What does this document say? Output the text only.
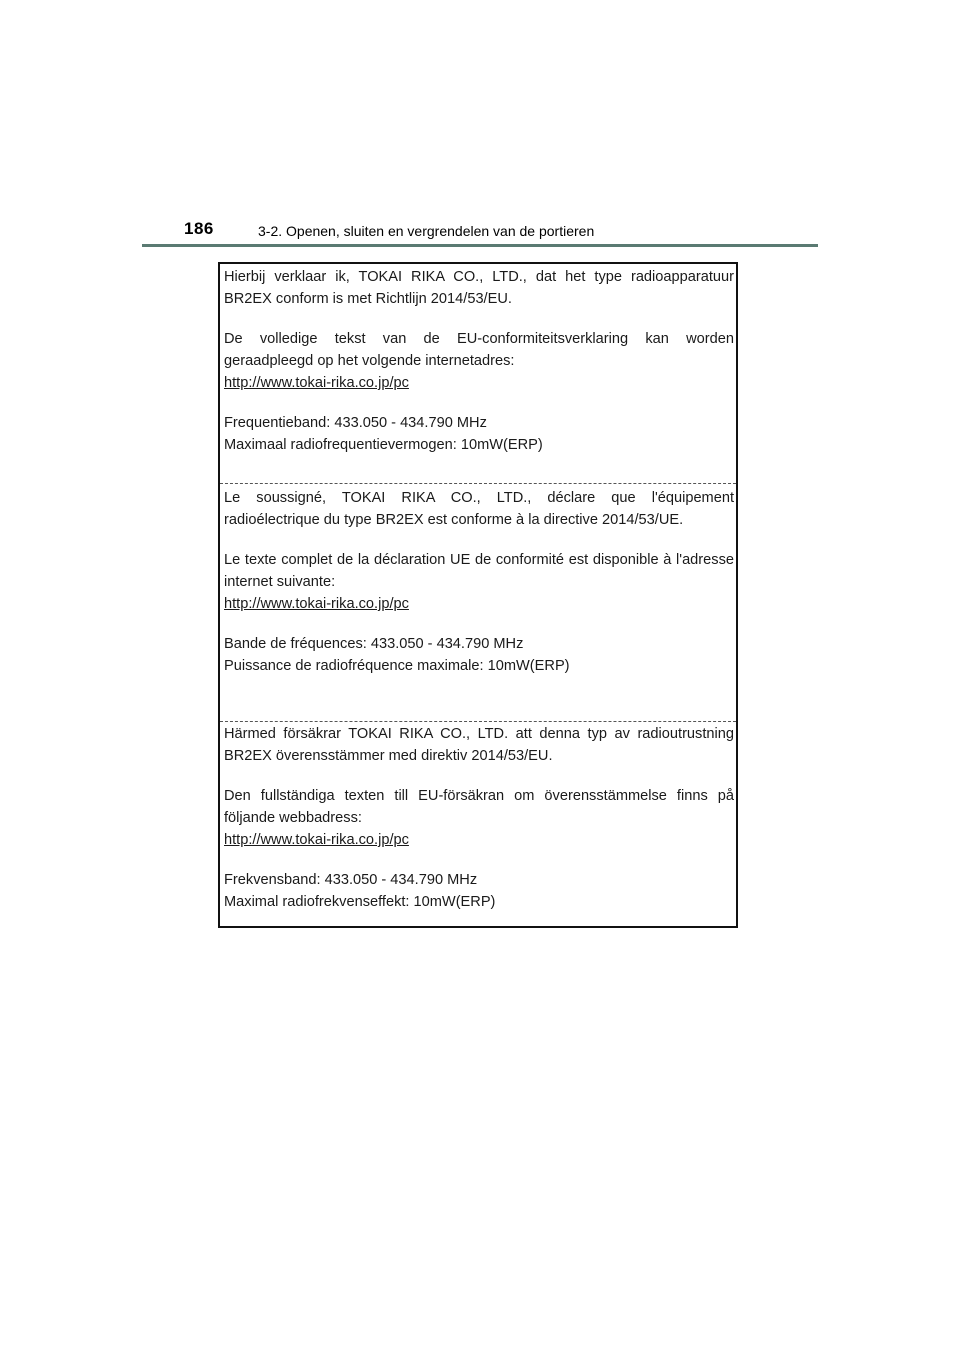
186	3-2. Openen, sluiten en vergrendelen van de portieren

Hierbij verklaar ik, TOKAI RIKA CO., LTD., dat het type radioapparatuur BR2EX conform is met Richtlijn 2014/53/EU.

De volledige tekst van de EU-conformiteitsverklaring kan worden geraadpleegd op het volgende internetadres:

http://www.tokai-rika.co.jp/pc

Frequentieband: 433.050 - 434.790 MHz

Maximaal radiofrequentievermogen: 10mW(ERP)

Le soussigné, TOKAI RIKA CO., LTD., déclare que l'équipement radioélectrique du type BR2EX est conforme à la directive 2014/53/UE.

Le texte complet de la déclaration UE de conformité est disponible à l'adresse internet suivante:

http://www.tokai-rika.co.jp/pc

Bande de fréquences: 433.050 - 434.790 MHz

Puissance de radiofréquence maximale: 10mW(ERP)

Härmed försäkrar TOKAI RIKA CO., LTD. att denna typ av radioutrustning BR2EX överensstämmer med direktiv 2014/53/EU.

Den fullständiga texten till EU-försäkran om överensstämmelse finns på följande webbadress:

http://www.tokai-rika.co.jp/pc

Frekvensband: 433.050 - 434.790 MHz

Maximal radiofrekvenseffekt: 10mW(ERP)
